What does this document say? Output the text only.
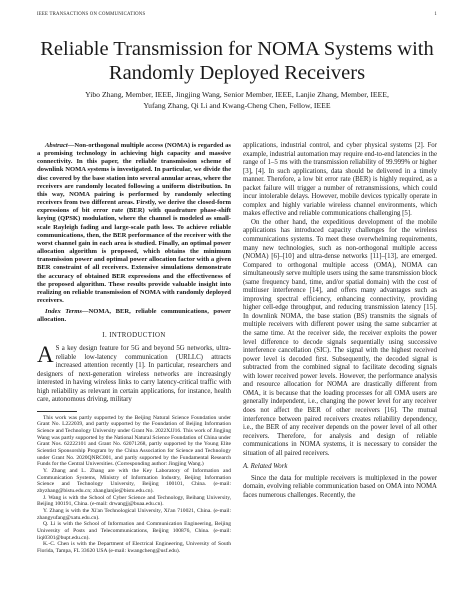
IEEE TRANSACTIONS ON COMMUNICATIONS	1
Reliable Transmission for NOMA Systems with
Randomly Deployed Receivers
Yibo Zhang, Member, IEEE, Jingjing Wang, Senior Member, IEEE, Lanjie Zhang, Member, IEEE,
Yufang Zhang, Qi Li and Kwang-Cheng Chen, Fellow, IEEE

Abstract—Non-orthogonal multiple access (NOMA) is regarded as a promising technology in achieving high capacity and massive connectivity. In this paper, the reliable transmission scheme of downlink NOMA systems is investigated. In particular, we divide the disc covered by the base station into several annular areas, where the receivers are randomly located following a uniform distribution. In this way, NOMA pairing is performed by randomly selecting receivers from two different areas. Firstly, we derive the closed-form expressions of bit error rate (BER) with quadrature phase-shift keying (QPSK) modulation, where the channel is modeled as small-scale Rayleigh fading and large-scale path loss. To achieve reliable communications, then, the BER performance of the receiver with the worst channel gain in each area is studied. Finally, an optimal power allocation algorithm is proposed, which obtains the minimum transmission power and optimal power allocation factor with a given BER constraint of all receivers. Extensive simulations demonstrate the accuracy of obtained BER expressions and the effectiveness of the proposed algorithm. These results provide valuable insight into realizing on reliable transmission of NOMA with randomly deployed receivers.

Index Terms—NOMA, BER, reliable communications, power allocation.

I. INTRODUCTION

A S a key design feature for 5G and beyond 5G networks, ultra-reliable low-latency communication (URLLC) attracts increased attention recently [1]. In particular, researchers and designers of next-generation wireless networks are increasingly interested in having wireless links to carry latency-critical traffic with high reliability as relevant in certain applications, for instance, health care, autonomous driving, military

This work was partly supported by the Beijing Natural Science Foundation under Grant No. L222039, and partly supported by the Foundation of Beijing Information Science and Technology University under Grant No. 2022XJJ16. This work of Jingjing Wang was partly supported by the National Natural Science Foundation of China under Grant Nos. 62222101 and Grant No. 62071268, partly supported by the Young Elite Scientist Sponsorship Program by the China Association for Science and Technology under Grant No. 2020QNRC001, and partly supported by the Fundamental Research Funds for the Central Universities. (Corresponding author: Jingjing Wang.)

Y. Zhang and L. Zhang are with the Key Laboratory of Information and Communication Systems, Ministry of Information Industry, Beijing Information Science and Technology University, Beijing 100101, China. (e-mail: zbyzhang@bistu.edu.cn; zhanglanjie@bistu.edu.cn).

J. Wang is with the School of Cyber Science and Technology, Beihang University, Beijing 100191, China. (e-mail: drwangjj@buaa.edu.cn).

Y. Zhang is with the Xi'an Technological University, Xi'an 710021, China. (e-mail: zhangyufang@xatu.edu.cn).

Q. Li is with the School of Information and Communication Engineering, Beijing University of Posts and Telecommunications, Beijing 100876, China. (e-mail: liqi0301@bupt.edu.cn).

K.-C. Chen is with the Department of Electrical Engineering, University of South Florida, Tampa, FL 33620 USA (e-mail: kwangcheng@usf.edu).

applications, industrial control, and cyber physical systems [2]. For example, industrial automation may require end-to-end latencies in the range of 1–5 ms with the transmission reliability of 99.999% or higher [3], [4]. In such applications, data should be delivered in a timely manner. Therefore, a low bit error rate (BER) is highly required, as a packet failure will trigger a number of retransmissions, which could incur intolerable delays. However, mobile devices typically operate in complex and highly variable wireless channel environments, which makes effective and reliable communications challenging [5].

On the other hand, the expeditious development of the mobile applications has introduced capacity challenges for the wireless communications systems. To meet these overwhelming requirements, many new technologies, such as non-orthogonal multiple access (NOMA) [6]–[10] and ultra-dense networks [11]–[13], are emerged. Compared to orthogonal multiple access (OMA), NOMA can simultaneously serve multiple users using the same transmission block (same frequency band, time, and/or spatial domain) with the cost of multiuser interference [14], and offers many advantages such as improving spectral efficiency, enhancing connectivity, providing higher cell-edge throughput, and reducing transmission latency [15]. In downlink NOMA, the base station (BS) transmits the signals of multiple receivers with different power using the same subcarrier at the same time. At the receiver side, the receiver exploits the power level difference to decode signals sequentially using successive interference cancellation (SIC). The signal with the highest received power level is decoded first. Subsequently, the decoded signal is subtracted from the combined signal to facilitate decoding signals with lower received power levels. However, the performance analysis and resource allocation for NOMA are drastically different from OMA, it is because that the loading processes for all OMA users are generally independent, i.e., changing the power level for any receiver does not affect the BER of other receivers [16]. The mutual interference between paired receivers creates reliability dependency, i.e., the BER of any receiver depends on the power level of all other receivers. Therefore, for analysis and design of reliable communications in NOMA systems, it is necessary to consider the situation of all paired receivers.

A. Related Work

Since the data for multiple receivers is multiplexed in the power domain, evolving reliable communication based on OMA into NOMA faces numerous challenges. Recently, the
